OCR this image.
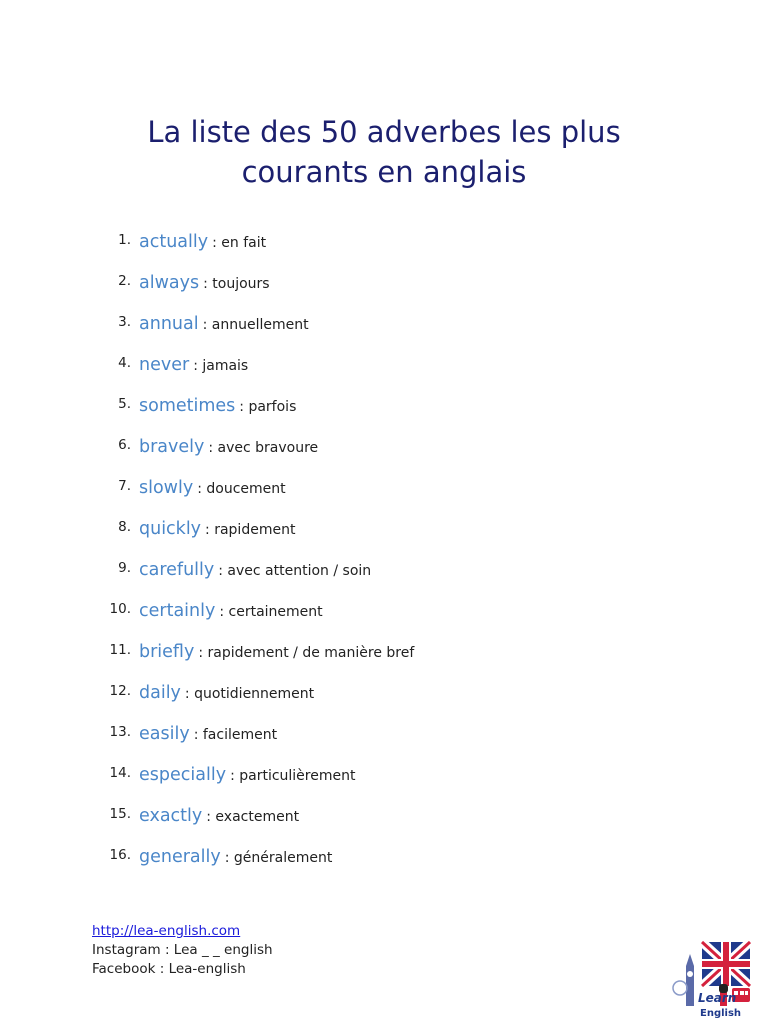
La liste des 50 adverbes les plus
courants en anglais
1. actually : en fait
2. always : toujours
3. annual : annuellement
4. never : jamais
5. sometimes : parfois
6. bravely : avec bravoure
7. slowly : doucement
8. quickly : rapidement
9. carefully : avec attention / soin
10. certainly : certainement
11. briefly : rapidement / de manière bref
12. daily : quotidiennement
13. easily : facilement
14. especially : particulièrement
15. exactly : exactement
16. generally : généralement
http://lea-english.com
Instagram : Lea _ _ english
Facebook : Lea-english
Learn
English
